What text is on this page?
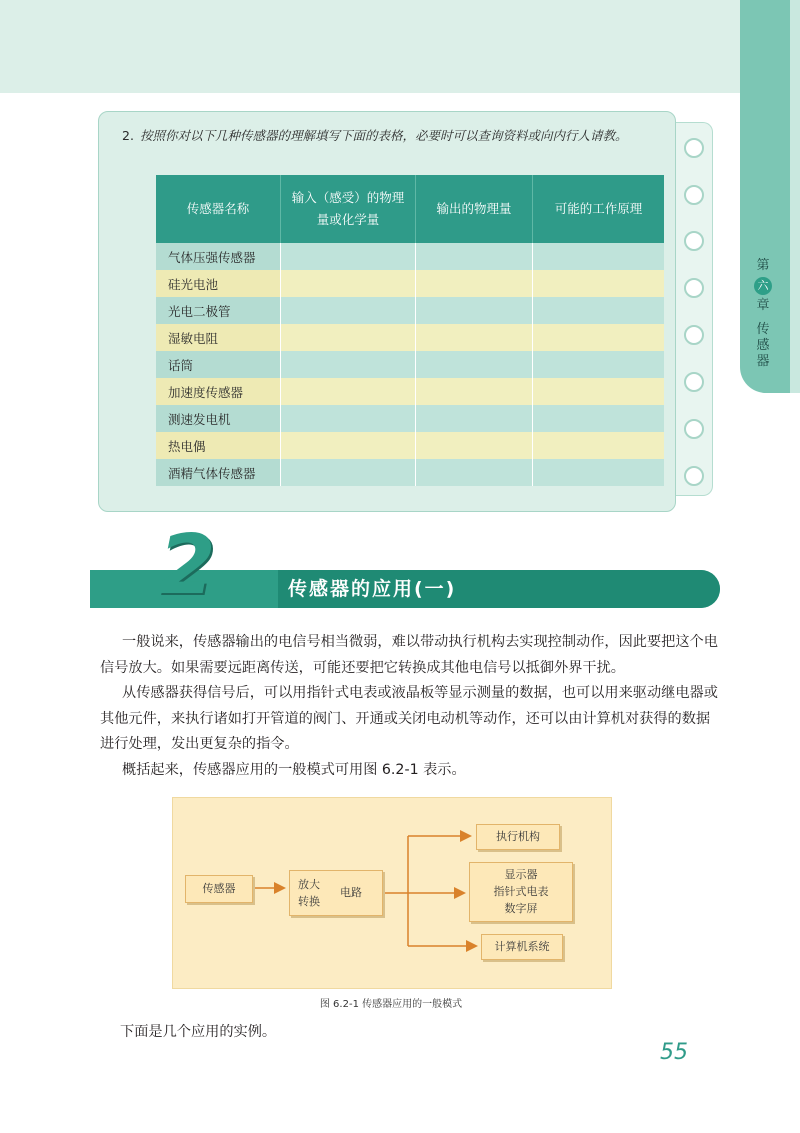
第
六
章
传感器
2. 按照你对以下几种传感器的理解填写下面的表格，必要时可以查询资料或向内行人请教。
传感器名称	输入（感受）的物理量或化学量	输出的物理量	可能的工作原理
气体压强传感器			
硅光电池			
光电二极管			
湿敏电阻			
话筒			
加速度传感器			
测速发电机			
热电偶			
酒精气体传感器			
2	传感器的应用(一)

一般说来，传感器输出的电信号相当微弱，难以带动执行机构去实现控制动作，因此要把这个电信号放大。如果需要远距离传送，可能还要把它转换成其他电信号以抵御外界干扰。

从传感器获得信号后，可以用指针式电表或液晶板等显示测量的数据，也可以用来驱动继电器或其他元件，来执行诸如打开管道的阀门、开通或关闭电动机等动作，还可以由计算机对获得的数据进行处理，发出更复杂的指令。

概括起来，传感器应用的一般模式可用图 6.2-1 表示。

传感器	放大
转换
电路
执行机构
显示器
指针式电表
数字屏
计算机系统
图 6.2-1 传感器应用的一般模式
下面是几个应用的实例。
55
